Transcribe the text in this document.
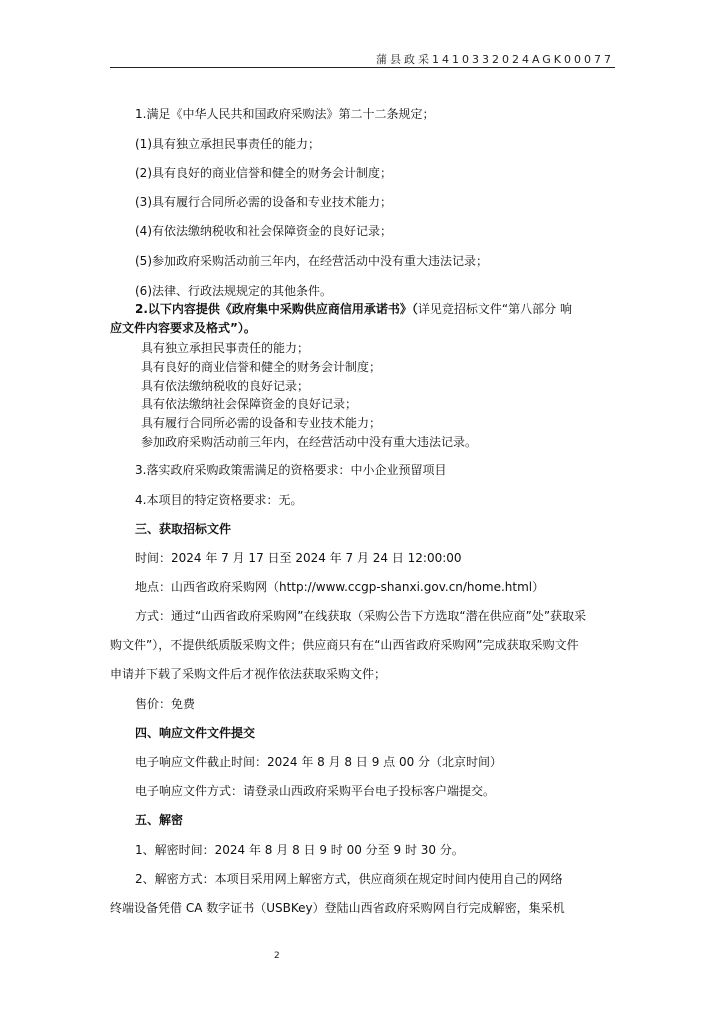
蒲县政采1410332024AGK00077
1.满足《中华人民共和国政府采购法》第二十二条规定；
(1)具有独立承担民事责任的能力；
(2)具有良好的商业信誉和健全的财务会计制度；
(3)具有履行合同所必需的设备和专业技术能力；
(4)有依法缴纳税收和社会保障资金的良好记录；
(5)参加政府采购活动前三年内，在经营活动中没有重大违法记录；
(6)法律、行政法规规定的其他条件。
2.以下内容提供《政府集中采购供应商信用承诺书》（详见竞招标文件“第八部分 响
应文件内容要求及格式”）。
具有独立承担民事责任的能力；
具有良好的商业信誉和健全的财务会计制度；
具有依法缴纳税收的良好记录；
具有依法缴纳社会保障资金的良好记录；
具有履行合同所必需的设备和专业技术能力；
参加政府采购活动前三年内，在经营活动中没有重大违法记录。
3.落实政府采购政策需满足的资格要求：中小企业预留项目
4.本项目的特定资格要求：无。
三、获取招标文件
时间：2024 年 7 月 17 日至 2024 年 7 月 24 日 12:00:00
地点：山西省政府采购网（http://www.ccgp-shanxi.gov.cn/home.html）
方式：通过“山西省政府采购网”在线获取（采购公告下方选取“潜在供应商”处”获取采
购文件”），不提供纸质版采购文件；供应商只有在“山西省政府采购网”完成获取采购文件
申请并下载了采购文件后才视作依法获取采购文件；
售价：免费
四、响应文件文件提交
电子响应文件截止时间：2024 年 8 月 8 日 9 点 00 分（北京时间）
电子响应文件方式：请登录山西政府采购平台电子投标客户端提交。
五、解密
1、解密时间：2024 年 8 月 8 日 9 时 00 分至 9 时 30 分。
2、解密方式：本项目采用网上解密方式，供应商须在规定时间内使用自己的网络
终端设备凭借 CA 数字证书（USBKey）登陆山西省政府采购网自行完成解密，集采机
2
